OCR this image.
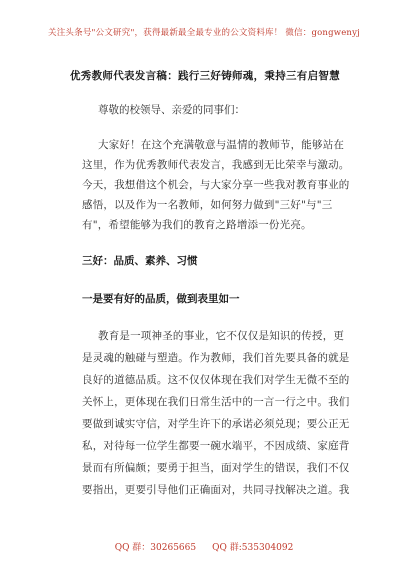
关注头条号"公文研究"，获得最新最全最专业的公文资料库！ 微信：gongwenyj
优秀教师代表发言稿：践行三好铸师魂，秉持三有启智慧
尊敬的校领导、亲爱的同事们：
大家好！在这个充满敬意与温情的教师节，能够站在
这里，作为优秀教师代表发言，我感到无比荣幸与激动。
今天，我想借这个机会，与大家分享一些我对教育事业的
感悟，以及作为一名教师，如何努力做到"三好"与"三
有"，希望能够为我们的教育之路增添一份光亮。
三好：品质、素养、习惯
一是要有好的品质，做到表里如一
教育是一项神圣的事业，它不仅仅是知识的传授，更
是灵魂的触碰与塑造。作为教师，我们首先要具备的就是
良好的道德品质。这不仅仅体现在我们对学生无微不至的
关怀上，更体现在我们日常生活中的一言一行之中。我们
要做到诚实守信，对学生许下的承诺必须兑现；要公正无
私，对待每一位学生都要一碗水端平，不因成绩、家庭背
景而有所偏颇；要勇于担当，面对学生的错误，我们不仅
要指出，更要引导他们正确面对，共同寻找解决之道。我
QQ 群：30265665 QQ 群:535304092
